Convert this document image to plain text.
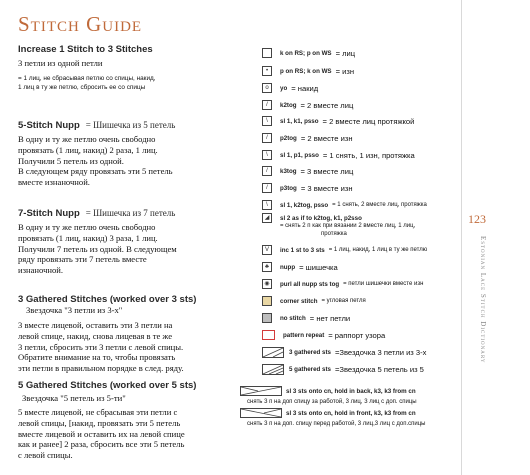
Stitch Guide
Increase 1 Stitch to 3 Stitches
3 петли из одной петли
= 1 лиц, не сбрасывая петлю со спицы, накид,
1 лиц в ту же петлю, сбросить ее со спицы
5-Stitch Nupp = Шишечка из 5 петель
В одну и ту же петлю очень свободно
провязать (1 лиц, накид) 2 раза, 1 лиц.
Получили 5 петель из одной.
В следующем ряду провязать эти 5 петель
вместе изнаночной.
7-Stitch Nupp = Шишечка из 7 петель
В одну и ту же петлю очень свободно
провязать (1 лиц, накид) 3 раза, 1 лиц.
Получили 7 петель из одной. В следующем
ряду провязать эти 7 петель вместе
изнаночной.
3 Gathered Stitches (worked over 3 sts)
Звездочка "3 петли из 3-х"
3 вместе лицевой, оставить эти 3 петли на
левой спице, накид, снова лицевая в те же
3 петли, сбросить эти 3 петли с левой спицы.
Обратите внимание на то, чтобы провязать
эти петли в правильном порядке в след. ряду.
5 Gathered Stitches (worked over 5 sts)
Звездочка "5 петель из 5-ти"
5 вместе лицевой, не сбрасывая эти петли с
левой спицы, [накид, провязать эти 5 петель
вместе лицевой и оставить их на левой спице
как и ранее] 2 раза, сбросить все эти 5 петель
с левой спицы.
k on RS; p on WS = лиц
•	p on RS; k on WS = изн
o	yo = накид
/	k2tog = 2 вместе лиц
\	sl 1, k1, psso = 2 вместе лиц протяжкой
/	p2tog = 2 вместе изн
\	sl 1, p1, psso = 1 снять, 1 изн, протяжка
/	k3tog = 3 вместе лиц
/	p3tog = 3 вместе изн
\	sl 1, k2tog, psso = 1 снять, 2 вместе лиц, протяжка
◢	sl 2 as if to k2tog, k1, p2sso
= снять 2 п как при вязании 2 вместе лиц, 1 лиц,
протяжка
V	inc 1 st to 3 sts = 1 лиц, накид, 1 лиц в ту же петлю
♣	nupp = шишечка
◉	purl all nupp sts tog = петли шишечки вместе изн
corner stitch = угловая петля
no stitch = нет петли
pattern repeat = раппорт узора
3 gathered sts =Звездочка 3 петли из 3-х
5 gathered sts =Звездочка 5 петель из 5
sl 3 sts onto cn, hold in back, k3, k3 from cn
снять 3 п на доп спицу за работой, 3 лиц, 3 лиц с доп. спицы
sl 3 sts onto cn, hold in front, k3, k3 from cn
снять 3 п на доп. спицу перед работой, 3 лиц,3 лиц с доп.спицы
123
Estonian Lace Stitch Dictionary
